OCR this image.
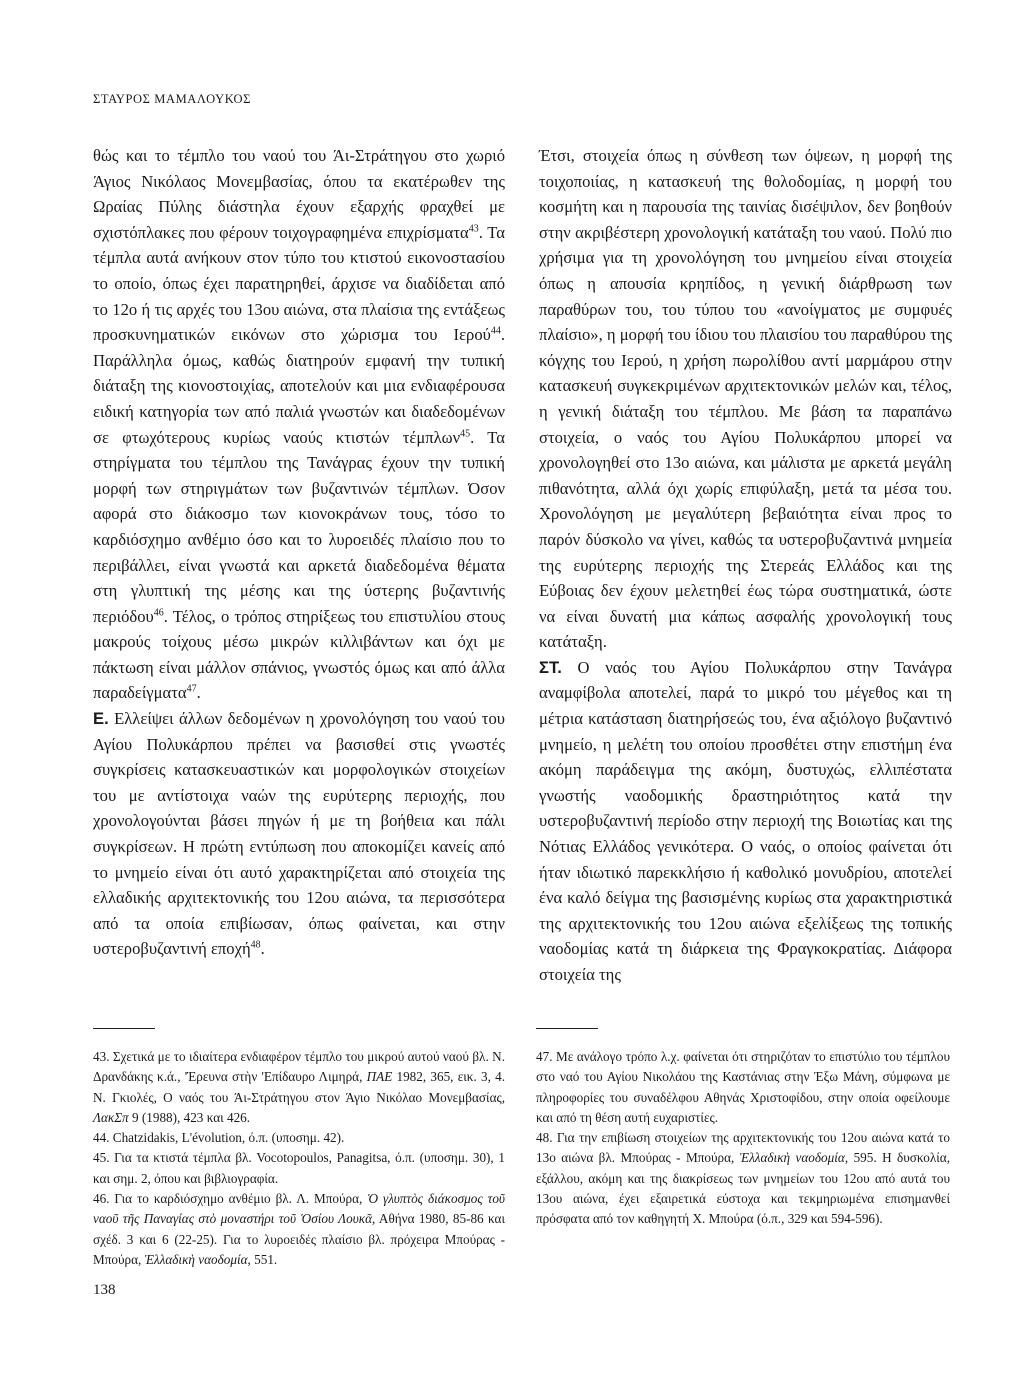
ΣΤΑΥΡΟΣ ΜΑΜΑΛΟΥΚΟΣ

θώς και το τέμπλο του ναού του Άι-Στράτηγου στο χωριό Άγιος Νικόλαος Μονεμβασίας, όπου τα εκατέρωθεν της Ωραίας Πύλης διάστηλα έχουν εξαρχής φραχθεί με σχιστόπλακες που φέρουν τοιχογραφημένα επιχρίσματα$^{43}$. Τα τέμπλα αυτά ανήκουν στον τύπο του κτιστού εικονοστασίου το οποίο, όπως έχει παρατηρηθεί, άρχισε να διαδίδεται από το 12ο ή τις αρχές του 13ου αιώνα, στα πλαίσια της εντάξεως προσκυνηματικών εικόνων στο χώρισμα του Ιερού$^{44}$. Παράλληλα όμως, καθώς διατηρούν εμφανή την τυπική διάταξη της κιονοστοιχίας, αποτελούν και μια ενδιαφέρουσα ειδική κατηγορία των από παλιά γνωστών και διαδεδομένων σε φτωχότερους κυρίως ναούς κτιστών τέμπλων$^{45}$. Τα στηρίγματα του τέμπλου της Τανάγρας έχουν την τυπική μορφή των στηριγμάτων των βυζαντινών τέμπλων. Όσον αφορά στο διάκοσμο των κιονοκράνων τους, τόσο το καρδιόσχημο ανθέμιο όσο και το λυροειδές πλαίσιο που το περιβάλλει, είναι γνωστά και αρκετά διαδεδομένα θέματα στη γλυπτική της μέσης και της ύστερης βυζαντινής περιόδου$^{46}$. Τέλος, ο τρόπος στηρίξεως του επιστυλίου στους μακρούς τοίχους μέσω μικρών κιλλιβάντων και όχι με πάκτωση είναι μάλλον σπάνιος, γνωστός όμως και από άλλα παραδείγματα$^{47}$.

Ε. Ελλείψει άλλων δεδομένων η χρονολόγηση του ναού του Αγίου Πολυκάρπου πρέπει να βασισθεί στις γνωστές συγκρίσεις κατασκευαστικών και μορφολογικών στοιχείων του με αντίστοιχα ναών της ευρύτερης περιοχής, που χρονολογούνται βάσει πηγών ή με τη βοήθεια και πάλι συγκρίσεων. Η πρώτη εντύπωση που αποκομίζει κανείς από το μνημείο είναι ότι αυτό χαρακτηρίζεται από στοιχεία της ελλαδικής αρχιτεκτονικής του 12ου αιώνα, τα περισσότερα από τα οποία επιβίωσαν, όπως φαίνεται, και στην υστεροβυζαντινή εποχή$^{48}$.

Έτσι, στοιχεία όπως η σύνθεση των όψεων, η μορφή της τοιχοποιίας, η κατασκευή της θολοδομίας, η μορφή του κοσμήτη και η παρουσία της ταινίας δισέψιλον, δεν βοηθούν στην ακριβέστερη χρονολογική κατάταξη του ναού. Πολύ πιο χρήσιμα για τη χρονολόγηση του μνημείου είναι στοιχεία όπως η απουσία κρηπίδος, η γενική διάρθρωση των παραθύρων του, του τύπου του «ανοίγματος με συμφυές πλαίσιο», η μορφή του ίδιου του πλαισίου του παραθύρου της κόγχης του Ιερού, η χρήση πωρολίθου αντί μαρμάρου στην κατασκευή συγκεκριμένων αρχιτεκτονικών μελών και, τέλος, η γενική διάταξη του τέμπλου. Με βάση τα παραπάνω στοιχεία, ο ναός του Αγίου Πολυκάρπου μπορεί να χρονολογηθεί στο 13ο αιώνα, και μάλιστα με αρκετά μεγάλη πιθανότητα, αλλά όχι χωρίς επιφύλαξη, μετά τα μέσα του. Χρονολόγηση με μεγαλύτερη βεβαιότητα είναι προς το παρόν δύσκολο να γίνει, καθώς τα υστεροβυζαντινά μνημεία της ευρύτερης περιοχής της Στερεάς Ελλάδος και της Εύβοιας δεν έχουν μελετηθεί έως τώρα συστηματικά, ώστε να είναι δυνατή μια κάπως ασφαλής χρονολογική τους κατάταξη.

ΣΤ. Ο ναός του Αγίου Πολυκάρπου στην Τανάγρα αναμφίβολα αποτελεί, παρά το μικρό του μέγεθος και τη μέτρια κατάσταση διατηρήσεώς του, ένα αξιόλογο βυζαντινό μνημείο, η μελέτη του οποίου προσθέτει στην επιστήμη ένα ακόμη παράδειγμα της ακόμη, δυστυχώς, ελλιπέστατα γνωστής ναοδομικής δραστηριότητος κατά την υστεροβυζαντινή περίοδο στην περιοχή της Βοιωτίας και της Νότιας Ελλάδος γενικότερα. Ο ναός, ο οποίος φαίνεται ότι ήταν ιδιωτικό παρεκκλήσιο ή καθολικό μονυδρίου, αποτελεί ένα καλό δείγμα της βασισμένης κυρίως στα χαρακτηριστικά της αρχιτεκτονικής του 12ου αιώνα εξελίξεως της τοπικής ναοδομίας κατά τη διάρκεια της Φραγκοκρατίας. Διάφορα στοιχεία της

43. Σχετικά με το ιδιαίτερα ενδιαφέρον τέμπλο του μικρού αυτού ναού βλ. Ν. Δρανδάκης κ.ά., 'Έρευνα στὴν 'Επίδαυρο Λιμηρά, ΠΑΕ 1982, 365, εικ. 3, 4. Ν. Γκιολές, Ο ναός του Άι-Στράτηγου στον Άγιο Νικόλαο Μονεμβασίας, ΛακΣπ 9 (1988), 423 και 426.

44. Chatzidakis, L'évolution, ό.π. (υποσημ. 42).

45. Για τα κτιστά τέμπλα βλ. Vocotopoulos, Panagitsa, ό.π. (υποσημ. 30), 1 και σημ. 2, όπου και βιβλιογραφία.

46. Για το καρδιόσχημο ανθέμιο βλ. Λ. Μπούρα, Ὁ γλυπτὸς διάκοσμος τοῦ ναοῦ τῆς Παναγίας στὸ μοναστήρι τοῦ Ὁσίου Λουκᾶ, Αθήνα 1980, 85-86 και σχέδ. 3 και 6 (22-25). Για το λυροειδές πλαίσιο βλ. πρόχειρα Μπούρας - Μπούρα, Ἑλλαδικὴ ναοδομία, 551.

47. Με ανάλογο τρόπο λ.χ. φαίνεται ότι στηριζόταν το επιστύλιο του τέμπλου στο ναό του Αγίου Νικολάου της Καστάνιας στην Έξω Μάνη, σύμφωνα με πληροφορίες του συναδέλφου Αθηνάς Χριστοφίδου, στην οποία οφείλουμε και από τη θέση αυτή ευχαριστίες.

48. Για την επιβίωση στοιχείων της αρχιτεκτονικής του 12ου αιώνα κατά το 13ο αιώνα βλ. Μπούρας - Μπούρα, Ἑλλαδικὴ ναοδομία, 595. Η δυσκολία, εξάλλου, ακόμη και της διακρίσεως των μνημείων του 12ου από αυτά του 13ου αιώνα, έχει εξαιρετικά εύστοχα και τεκμηριωμένα επισημανθεί πρόσφατα από τον καθηγητή Χ. Μπούρα (ό.π., 329 και 594-596).

138
